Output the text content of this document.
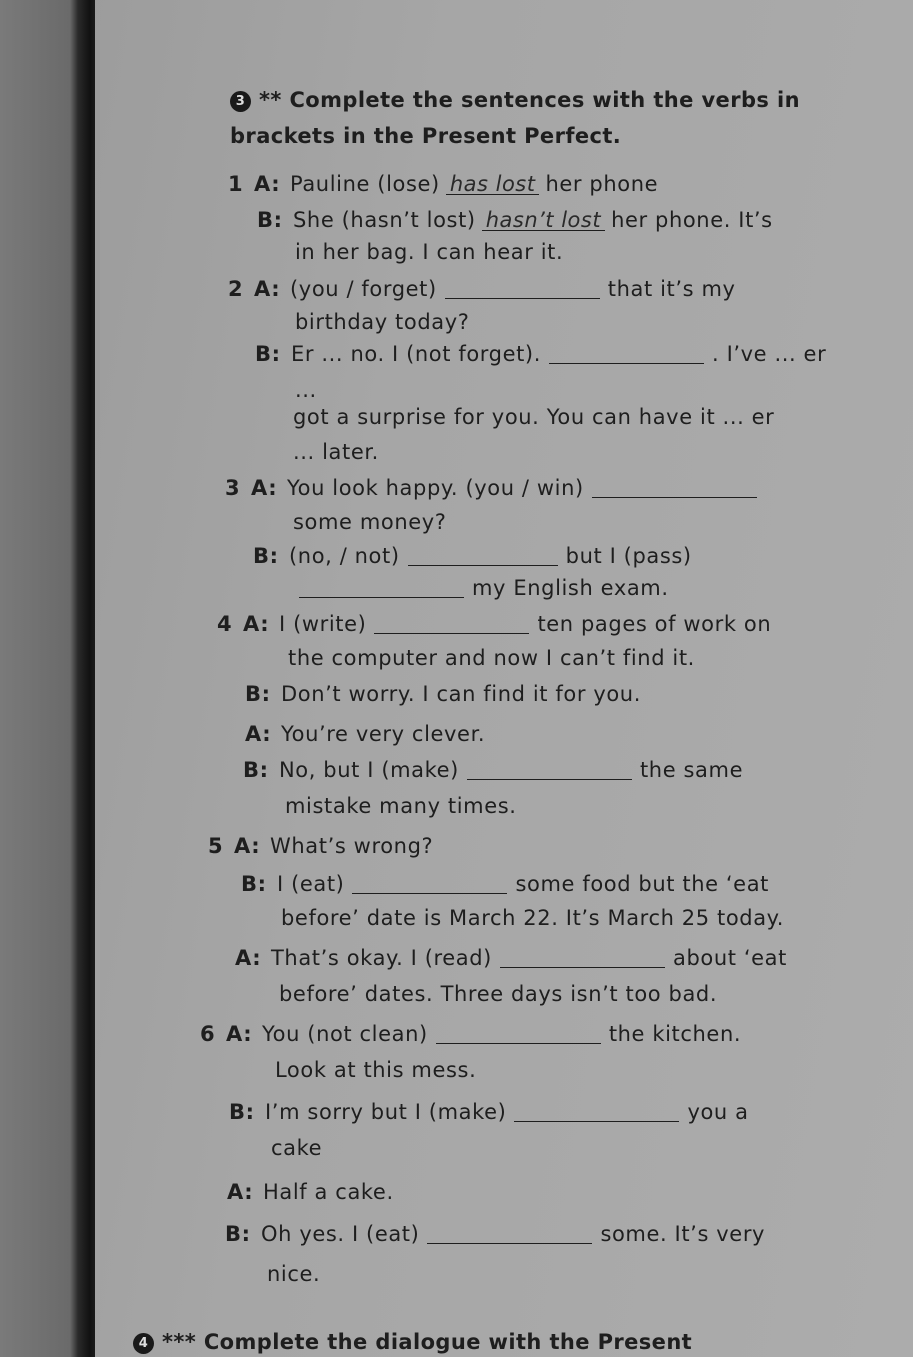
3 ** Complete the sentences with the verbs in
brackets in the Present Perfect.
1 A: Pauline (lose) has lost her phone
B: She (hasn’t lost) hasn’t lost her phone. It’s
in her bag. I can hear it.
2 A: (you / forget)	that it’s my
birthday today?
B: Er ... no. I (not forget).	. I’ve ... er
...
got a surprise for you. You can have it ... er
... later.
3 A: You look happy. (you / win)
some money?
B: (no, / not)	but I (pass)
my English exam.
4 A: I (write)	ten pages of work on
the computer and now I can’t find it.
B: Don’t worry. I can find it for you.
A: You’re very clever.
B: No, but I (make)	the same
mistake many times.
5 A: What’s wrong?
B: I (eat)	some food but the ‘eat
before’ date is March 22. It’s March 25 today.
A: That’s okay. I (read)	about ‘eat
before’ dates. Three days isn’t too bad.
6 A: You (not clean)	the kitchen.
Look at this mess.
B: I’m sorry but I (make)	you a
cake
A: Half a cake.
B: Oh yes. I (eat)	some. It’s very
nice.
4 *** Complete the dialogue with the Present
